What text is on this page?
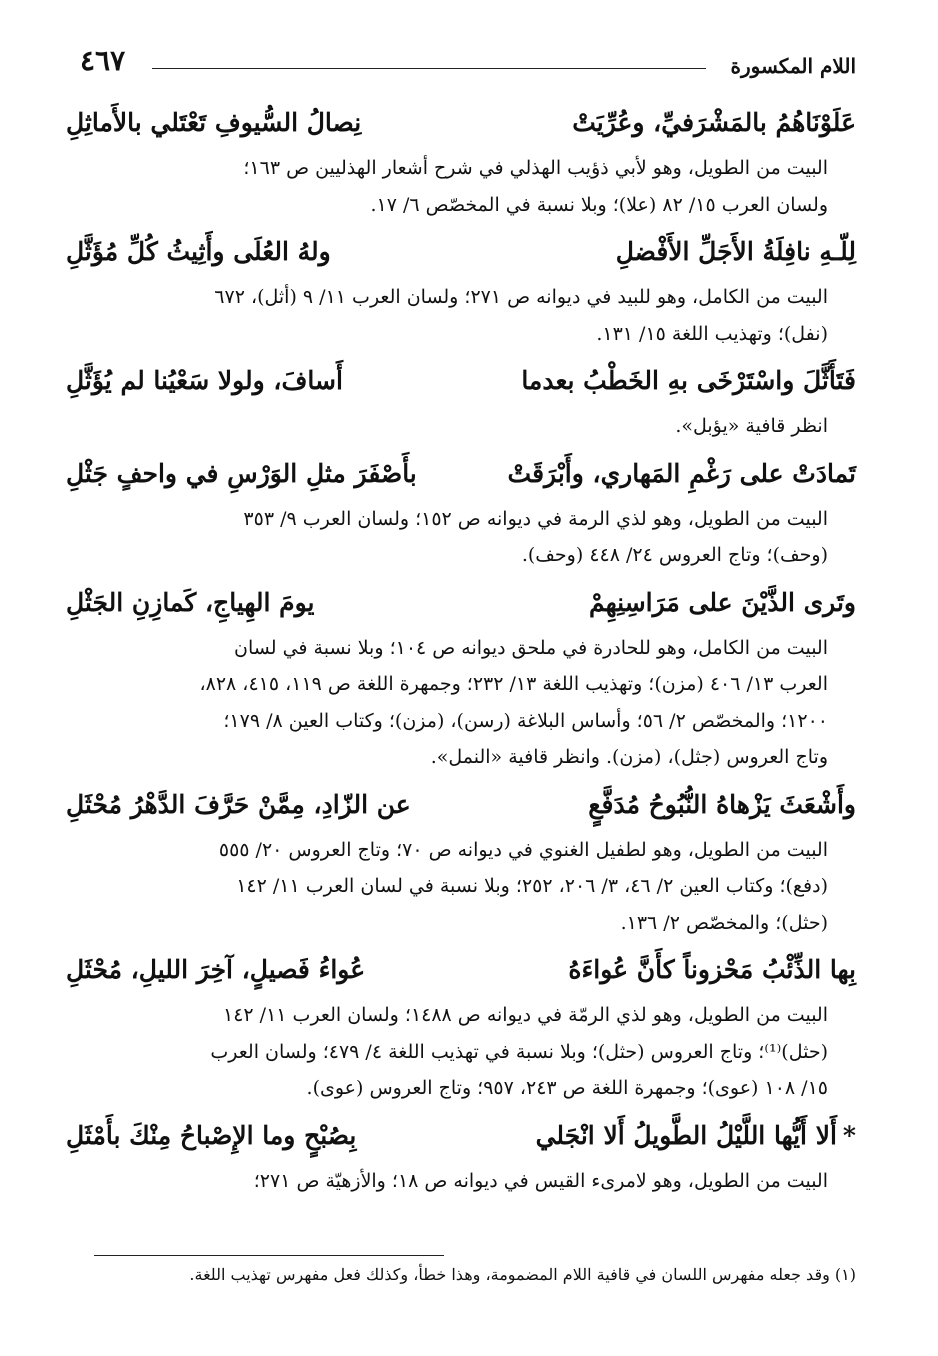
اللام المكسورة
٤٦٧
عَلَوْنَاهُمُ بالمَشْرَفيِّ، وعُرِّيَتْ
نِصالُ السُّيوفِ تَعْتَلي بالأَماثِلِ
البيت من الطويل، وهو لأبي ذؤيب الهذلي في شرح أشعار الهذليين ص ١٦٣؛
ولسان العرب ١٥/ ٨٢ (علا)؛ وبلا نسبة في المخصّص ٦/ ١٧.
لِلّـهِ نافِلَةُ الأَجَلِّ الأَفْضلِ
ولهُ العُلَى وأَثِيثُ كُلِّ مُؤَثَّلِ
البيت من الكامل، وهو للبيد في ديوانه ص ٢٧١؛ ولسان العرب ١١/ ٩ (أثل)، ٦٧٢
(نفل)؛ وتهذيب اللغة ١٥/ ١٣١.
فَتَأَثَّلَ واسْتَرْخَى بهِ الخَطْبُ بعدما
أَسافَ، ولولا سَعْيُنا لم يُؤَثَّلِ
انظر قافية «يؤبل».
تَمادَتْ على رَغْمِ المَهاري، وأَبْرَقَتْ
بأَصْفَرَ مثلِ الوَرْسِ في واحفٍ جَثْلِ
البيت من الطويل، وهو لذي الرمة في ديوانه ص ١٥٢؛ ولسان العرب ٩/ ٣٥٣
(وحف)؛ وتاج العروس ٢٤/ ٤٤٨ (وحف).
وتَرى الذَّيْنَ على مَرَاسِنِهِمْ
يومَ الهِياجِ، كَمازِنِ الجَثْلِ
البيت من الكامل، وهو للحادرة في ملحق ديوانه ص ١٠٤؛ وبلا نسبة في لسان
العرب ١٣/ ٤٠٦ (مزن)؛ وتهذيب اللغة ١٣/ ٢٣٢؛ وجمهرة اللغة ص ١١٩، ٤١٥، ٨٢٨،
١٢٠٠؛ والمخصّص ٢/ ٥٦؛ وأساس البلاغة (رسن)، (مزن)؛ وكتاب العين ٨/ ١٧٩؛
وتاج العروس (جثل)، (مزن). وانظر قافية «النمل».
وأَشْعَثَ يَزْهاهُ النُّبُوحُ مُدَفَّعٍ
عن الزّادِ، مِمَّنْ حَرَّفَ الدَّهْرُ مُحْثَلِ
البيت من الطويل، وهو لطفيل الغنوي في ديوانه ص ٧٠؛ وتاج العروس ٢٠/ ٥٥٥
(دفع)؛ وكتاب العين ٢/ ٤٦، ٣/ ٢٠٦، ٢٥٢؛ وبلا نسبة في لسان العرب ١١/ ١٤٢
(حثل)؛ والمخصّص ٢/ ١٣٦.
بِها الذِّئْبُ مَحْزوناً كأَنَّ عُواءَهُ
عُواءُ فَصيلٍ، آخِرَ الليلِ، مُحْثَلِ
البيت من الطويل، وهو لذي الرمّة في ديوانه ص ١٤٨٨؛ ولسان العرب ١١/ ١٤٢
(حثل)⁽¹⁾؛ وتاج العروس (حثل)؛ وبلا نسبة في تهذيب اللغة ٤/ ٤٧٩؛ ولسان العرب
١٥/ ١٠٨ (عوى)؛ وجمهرة اللغة ص ٢٤٣، ٩٥٧؛ وتاج العروس (عوى).
*أَلا أَيُّها اللَّيْلُ الطَّويلُ أَلا انْجَلي
بِصُبْحٍ وما الإِصْباحُ مِنْكَ بأَمْثَلِ
البيت من الطويل، وهو لامرىء القيس في ديوانه ص ١٨؛ والأزهيّة ص ٢٧١؛
(١) وقد جعله مفهرس اللسان في قافية اللام المضمومة، وهذا خطأ، وكذلك فعل مفهرس تهذيب اللغة.
